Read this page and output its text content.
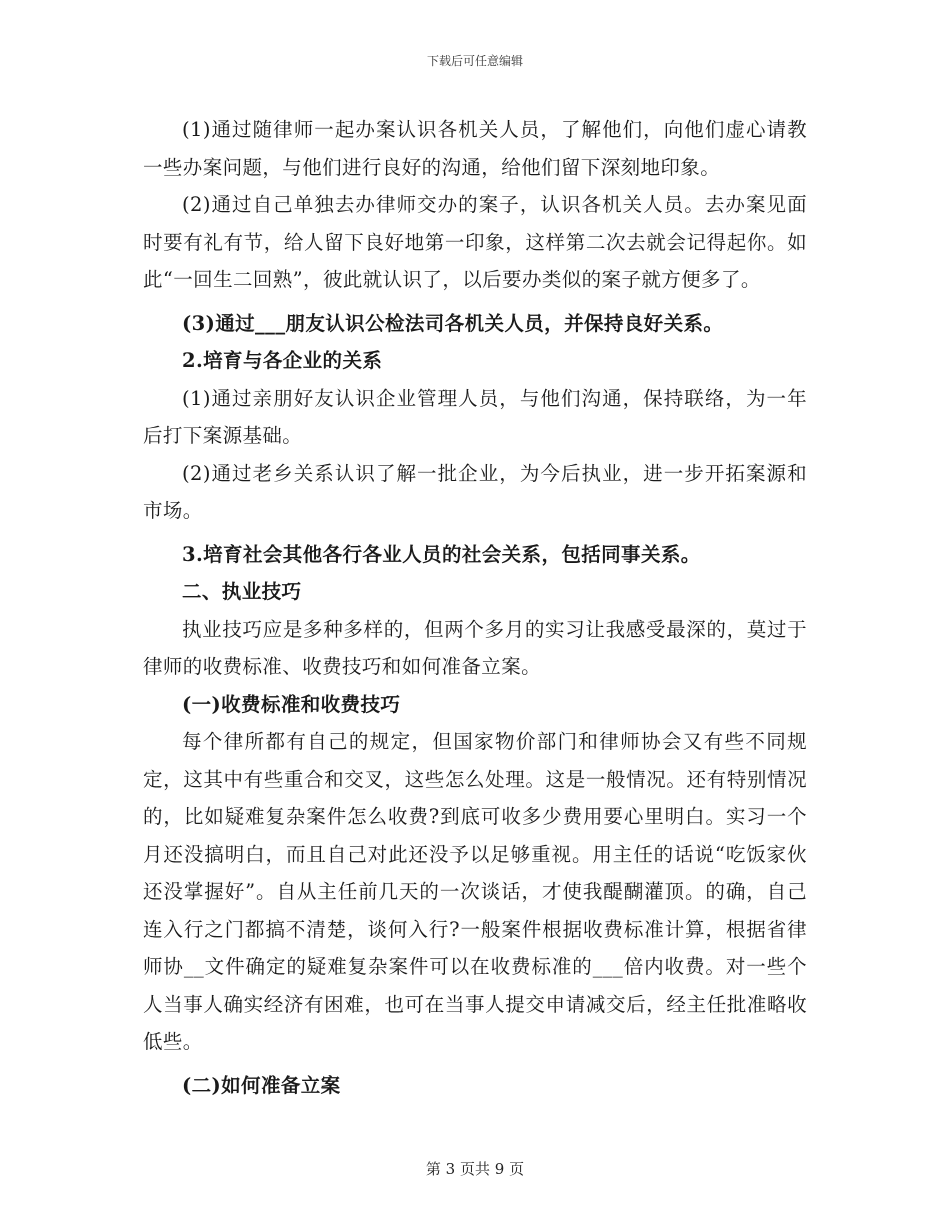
下载后可任意编辑

(1)通过随律师一起办案认识各机关人员，了解他们，向他们虚心请教一些办案问题，与他们进行良好的沟通，给他们留下深刻地印象。

(2)通过自己单独去办律师交办的案子，认识各机关人员。去办案见面时要有礼有节，给人留下良好地第一印象，这样第二次去就会记得起你。如此“一回生二回熟”，彼此就认识了，以后要办类似的案子就方便多了。

(3)通过___朋友认识公检法司各机关人员，并保持良好关系。

2.培育与各企业的关系

(1)通过亲朋好友认识企业管理人员，与他们沟通，保持联络，为一年后打下案源基础。

(2)通过老乡关系认识了解一批企业，为今后执业，进一步开拓案源和市场。

3.培育社会其他各行各业人员的社会关系，包括同事关系。

二、执业技巧

执业技巧应是多种多样的，但两个多月的实习让我感受最深的，莫过于律师的收费标准、收费技巧和如何准备立案。

(一)收费标准和收费技巧

每个律所都有自己的规定，但国家物价部门和律师协会又有些不同规定，这其中有些重合和交叉，这些怎么处理。这是一般情况。还有特别情况的，比如疑难复杂案件怎么收费?到底可收多少费用要心里明白。实习一个月还没搞明白，而且自己对此还没予以足够重视。用主任的话说“吃饭家伙还没掌握好”。自从主任前几天的一次谈话，才使我醍醐灌顶。的确，自己连入行之门都搞不清楚，谈何入行?一般案件根据收费标准计算，根据省律师协__文件确定的疑难复杂案件可以在收费标准的___倍内收费。对一些个人当事人确实经济有困难，也可在当事人提交申请减交后，经主任批准略收低些。

(二)如何准备立案

第 3 页共 9 页
